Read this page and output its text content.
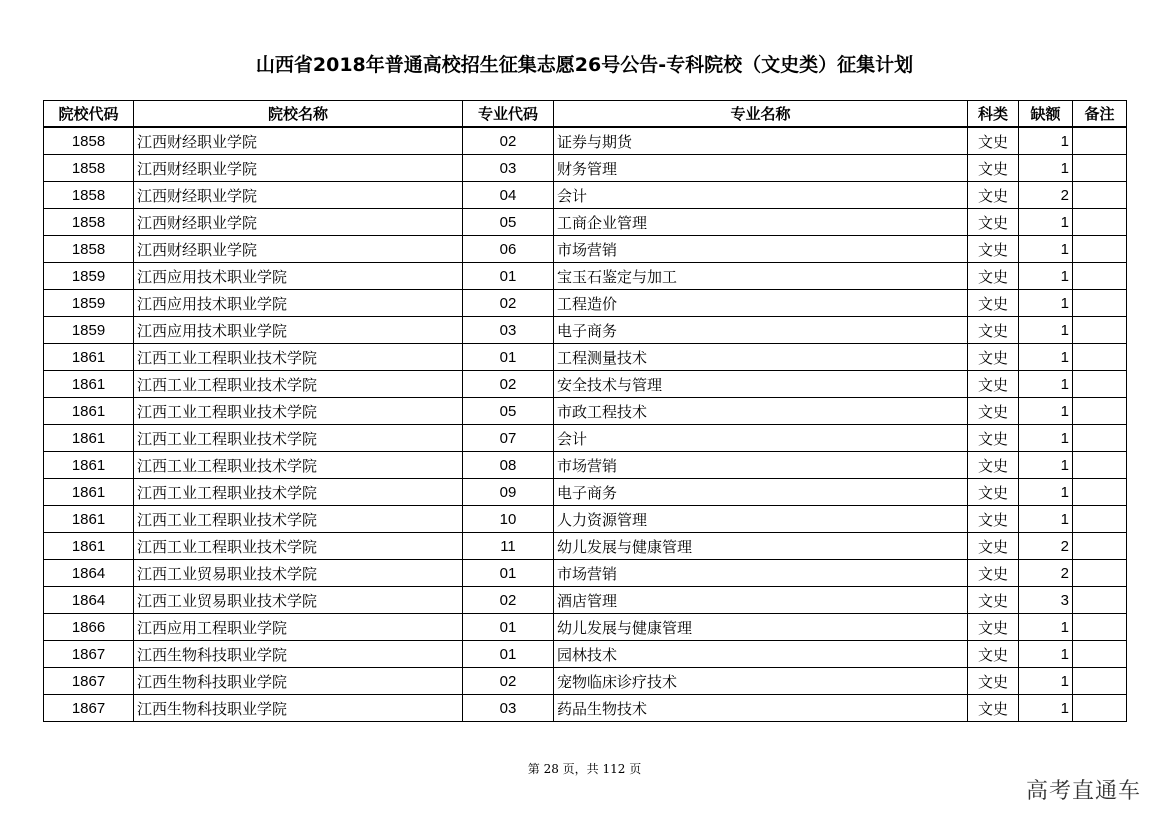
山西省2018年普通高校招生征集志愿26号公告-专科院校（文史类）征集计划
院校代码	院校名称	专业代码	专业名称	科类	缺额	备注
1858	江西财经职业学院	02	证券与期货	文史	1	
1858	江西财经职业学院	03	财务管理	文史	1	
1858	江西财经职业学院	04	会计	文史	2	
1858	江西财经职业学院	05	工商企业管理	文史	1	
1858	江西财经职业学院	06	市场营销	文史	1	
1859	江西应用技术职业学院	01	宝玉石鉴定与加工	文史	1	
1859	江西应用技术职业学院	02	工程造价	文史	1	
1859	江西应用技术职业学院	03	电子商务	文史	1	
1861	江西工业工程职业技术学院	01	工程测量技术	文史	1	
1861	江西工业工程职业技术学院	02	安全技术与管理	文史	1	
1861	江西工业工程职业技术学院	05	市政工程技术	文史	1	
1861	江西工业工程职业技术学院	07	会计	文史	1	
1861	江西工业工程职业技术学院	08	市场营销	文史	1	
1861	江西工业工程职业技术学院	09	电子商务	文史	1	
1861	江西工业工程职业技术学院	10	人力资源管理	文史	1	
1861	江西工业工程职业技术学院	11	幼儿发展与健康管理	文史	2	
1864	江西工业贸易职业技术学院	01	市场营销	文史	2	
1864	江西工业贸易职业技术学院	02	酒店管理	文史	3	
1866	江西应用工程职业学院	01	幼儿发展与健康管理	文史	1	
1867	江西生物科技职业学院	01	园林技术	文史	1	
1867	江西生物科技职业学院	02	宠物临床诊疗技术	文史	1	
1867	江西生物科技职业学院	03	药品生物技术	文史	1	
第 28 页，共 112 页
高考直通车
